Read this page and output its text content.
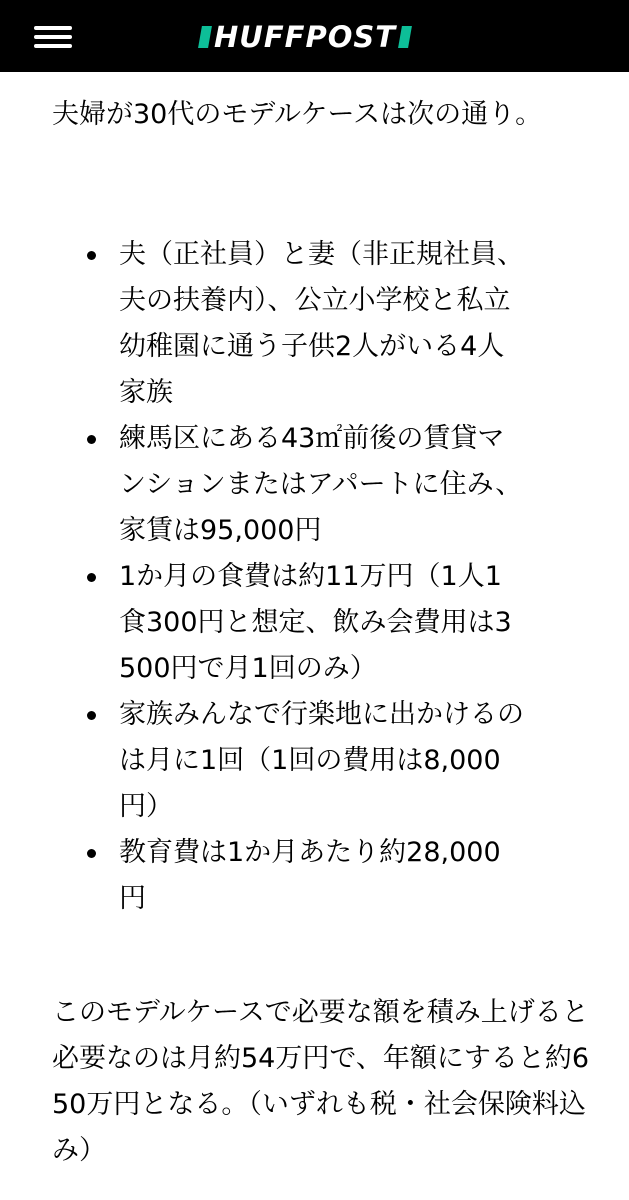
HUFFPOST

夫婦が30代のモデルケースは次の通り。

夫（正社員）と妻（非正規社員、夫の扶養内）、公立小学校と私立幼稚園に通う子供2人がいる4人家族
練馬区にある43㎡前後の賃貸マンションまたはアパートに住み、家賃は95,000円
1か月の食費は約11万円（1人1食300円と想定、飲み会費用は3500円で月1回のみ）
家族みんなで行楽地に出かけるのは月に1回（1回の費用は8,000円）
教育費は1か月あたり約28,000円

このモデルケースで必要な額を積み上げると必要なのは月約54万円で、年額にすると約650万円となる。（いずれも税・社会保険料込み）
